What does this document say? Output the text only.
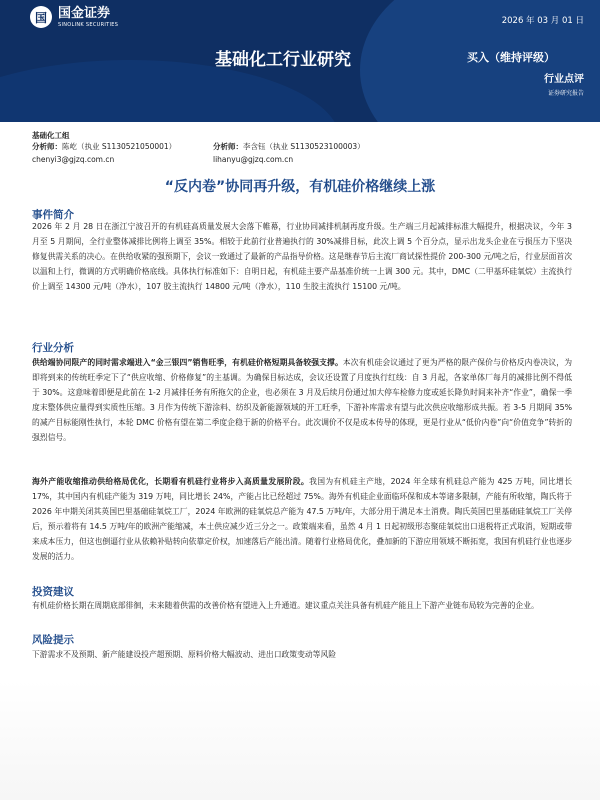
国 国金证券
SINOLINK SECURITIES	2026 年 03 月 01 日
基础化工行业研究	买入（维持评级）
行业点评
证券研究报告
基础化工组
分析师：陈屹（执业 S1130521050001）
chenyi3@gjzq.com.cn
分析师：李含钰（执业 S1130523100003）
lihanyu@gjzq.com.cn
“反内卷”协同再升级，有机硅价格继续上涨
事件简介

2026 年 2 月 28 日在浙江宁波召开的有机硅高质量发展大会落下帷幕，行业协同减排机制再度升级。生产端三月起减排标准大幅提升，根据决议，今年 3 月至 5 月期间，全行业整体减排比例将上调至 35%。相较于此前行业普遍执行的 30%减排目标，此次上调 5 个百分点，显示出龙头企业在亏损压力下坚决修复供需关系的决心。在供给收紧的强预期下，会议一致通过了最新的产品指导价格。这是继春节后主流厂商试探性提价 200-300 元/吨之后，行业层面首次以温和上行，微调的方式明确价格底线。具体执行标准如下：自明日起，有机硅主要产品基准价统一上调 300 元。其中，DMC（二甲基环硅氧烷）主流执行价上调至 14300 元/吨（净水），107 胶主流执行 14800 元/吨（净水），110 生胶主流执行 15100 元/吨。

行业分析

供给端协同限产的同时需求端进入“金三银四”销售旺季，有机硅价格短期具备较强支撑。本次有机硅会议通过了更为严格的限产保价与价格反内卷决议，为即将到来的传统旺季定下了“供应收缩、价格修复”的主基调。为确保目标达成，会议还设置了月度执行红线：自 3 月起，各家单体厂每月的减排比例不得低于 30%。这意味着即便是此前在 1-2 月减排任务有所拖欠的企业，也必须在 3 月及后续月份通过加大停车检修力度或延长降负时间来补齐“作业”，确保一季度末整体供应量得到实质性压缩。3 月作为传统下游涂料、纺织及新能源领域的开工旺季，下游补库需求有望与此次供应收缩形成共振。若 3-5 月期间 35%的减产目标能刚性执行，本轮 DMC 价格有望在第二季度企稳于新的价格平台。此次调价不仅是成本传导的体现，更是行业从“低价内卷”向“价值竞争”转折的强烈信号。

海外产能收缩推动供给格局优化，长期看有机硅行业将步入高质量发展阶段。我国为有机硅主产地，2024 年全球有机硅总产能为 425 万吨，同比增长 17%，其中国内有机硅产能为 319 万吨，同比增长 24%，产能占比已经超过 75%。海外有机硅企业面临环保和成本等诸多限制，产能有所收缩，陶氏将于 2026 年中期关闭其英国巴里基础硅氧烷工厂，2024 年欧洲的硅氧烷总产能为 47.5 万吨/年，大部分用于满足本土消费。陶氏英国巴里基础硅氧烷工厂关停后，预示着将有 14.5 万吨/年的欧洲产能缩减，本土供应减少近三分之一。政策端来看，虽然 4 月 1 日起初级形态聚硅氧烷出口退税将正式取消，短期或带来成本压力，但这也倒逼行业从依赖补贴转向依靠定价权，加速落后产能出清。随着行业格局优化，叠加新的下游应用领域不断拓宽，我国有机硅行业也逐步发展的活力。

投资建议

有机硅价格长期在周期底部徘徊，未来随着供需的改善价格有望进入上升通道。建议重点关注具备有机硅产能且上下游产业链布局较为完善的企业。

风险提示

下游需求不及预期、新产能建设投产超预期、原料价格大幅波动、进出口政策变动等风险
